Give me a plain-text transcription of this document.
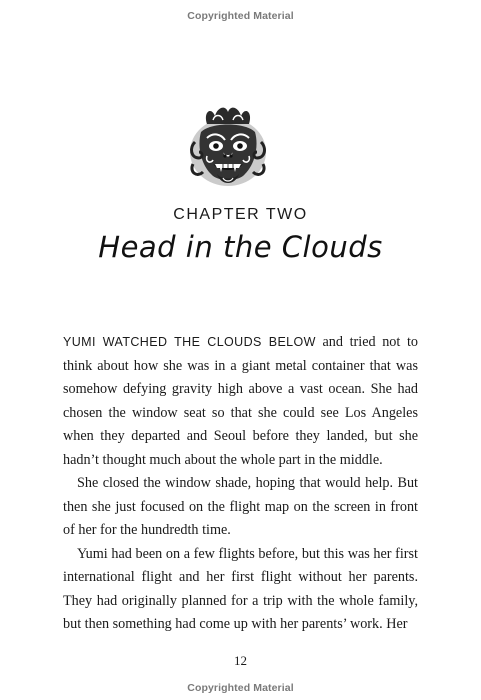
Copyrighted Material
CHAPTER TWO
Head in the Clouds

YUMI WATCHED THE CLOUDS BELOW and tried not to think about how she was in a giant metal container that was somehow defying gravity high above a vast ocean. She had chosen the window seat so that she could see Los Angeles when they departed and Seoul before they landed, but she hadn’t thought much about the whole part in the middle.

She closed the window shade, hoping that would help. But then she just focused on the flight map on the screen in front of her for the hundredth time.

Yumi had been on a few flights before, but this was her first international flight and her first flight without her parents. They had originally planned for a trip with the whole family, but then something had come up with her parents’ work. Her

12
Copyrighted Material
